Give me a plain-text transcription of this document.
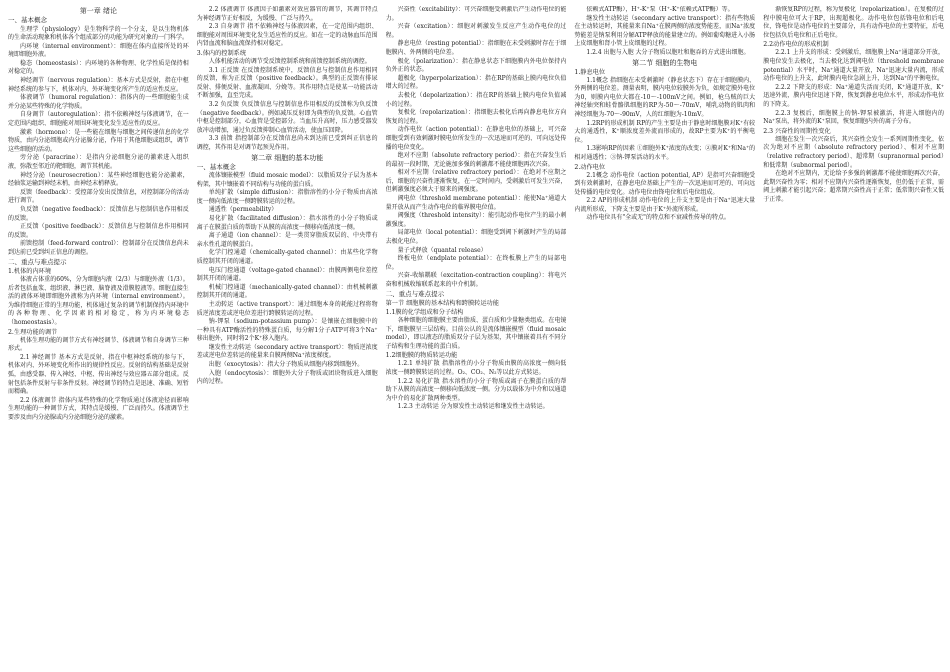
第一章 绪论
一、基本概念

生理学（physiology）是生物科学的一个分支，是以生物机体的生命活动现象和机体各个组成部分的功能为研究对象的一门科学。

内环境（internal environment）：细胞在体内直接所处的环境即细胞外液。

稳态（homeostasis）：内环境的各种物理、化学性质是保持相对稳定的。

神经调节（nervous regulation）：基本方式是反射，指在中枢神经系统的参与下，机体对内、外环境变化所产生的适应性反应。

体液调节（humoral regulation）：指体内的一些细胞能生成并分泌某些特殊的化学物质。

自身调节（autoregulation）：指不依赖神经与体液调节，在一定范围内组织、细胞能对周围环境变化发生适应性的反应。

激素（hormone）：是一些能在细胞与细胞之间传递信息的化学物质，由内分泌细胞或内分泌腺分泌，作用于其他细胞或组织，调节这些细胞的活动。

旁分泌（paracrine）：是指内分泌细胞分泌的激素进入组织液，弥散至邻近的靶细胞，调节其机能。

神经分泌（neurosecretion）：某些神经细胞也能分泌激素，经轴浆运输到神经末梢，由神经末梢释放。

反馈（feedback）：受控部分发出反馈信息，对控制部分的活动进行调节。

负反馈（negative feedback）：反馈信息与控制信息作用相反的反馈。

正反馈（positive feedback）：反馈信息与控制信息作用相同的反馈。

前馈控制（feed-forward control）：控制部分在反馈信息尚未到达前已受到纠正信息的调控。

二、重点与难点提示
1.机体的内环境

体液占体重的60%，分为细胞内液（2/3）与细胞外液（1/3）。后者包括血浆、组织液、淋巴液、脑脊液及滑膜腔液等。细胞直接生活的液体环境即细胞外液称为内环境（internal environment）。为维持细胞正常的生理功能，机体通过复杂的调节机制保持内环境中的各种物理、化学因素的相对稳定，称为内环境稳态（homeostasis）。

2.生理功能的调节

机体生理功能的调节方式有神经调节、体液调节和自身调节三种形式。

2.1 神经调节 基本方式是反射，指在中枢神经系统的参与下，机体对内、外环境变化所作出的规律性反应。反射的结构基础是反射弧，由感受器、传入神经、中枢、传出神经与效应器五部分组成。反射包括条件反射与非条件反射。神经调节的特点是迅速、准确、短暂而精确。

2.2 体液调节 指体内某些特殊的化学物质通过体液途径而影响生理功能的一种调节方式，其特点是缓慢、广泛而持久。体液调节主要涉及由内分泌腺或内分泌细胞分泌的激素。

2.2 体液调节 体液因子如激素对效应器官的调节，其调节特点为神经调节正好相反，为缓慢、广泛与持久。

2.3 自身调节 指不依赖神经与体液因素，在一定范围内组织、细胞能对周围环境变化发生适应性的反应。如在一定的动脉血压范围内肾血流和脑血流保持相对稳定。

3.体内的控制系统

人体机能活动的调节受反馈控制系统和前馈控制系统的调控。

3.1 正反馈 在反馈控制系统中，反馈信息与控制信息作用相同的反馈，称为正反馈（positive feedback）。典型的正反馈有排尿反射、排便反射、血液凝固、分娩等。其作用特点是使某一功能活动不断加强，直至完成。

3.2 负反馈 负反馈信息与控制信息作用相反的反馈称为负反馈（negative feedback）。例如减压反射即为典型的负反馈。心血管中枢是控制部分，心血管是受控部分。当血压升高时，压力感受器发放冲动增加，通过负反馈抑制心血管活动，使血压回降。

3.3 前馈 指控制部分在反馈信息尚未到达前已受到纠正信息的调控，其作用是对调节起预见作用。

第二章 细胞的基本功能
一、基本概念

流体镶嵌模型（fluid mosaic model）：以脂质双分子层为基本构架，其中镶嵌着不同结构与功能的蛋白质。

单纯扩散（simple diffusion）：指脂溶性的小分子物质由高浓度一侧向低浓度一侧跨膜转运的过程。

通透性（permeability）

易化扩散（facilitated diffusion）：指水溶性的小分子物质或离子在膜蛋白质的帮助下从膜的高浓度一侧移向低浓度一侧。

离子通道（ion channel）：是一类贯穿脂质双层的、中央带有亲水性孔道的膜蛋白。

化学门控通道（chemically-gated channel）：由某些化学物质控制其开闭的通道。

电压门控通道（voltage-gated channel）：由膜两侧电位差控制其开闭的通道。

机械门控通道（mechanically-gated channel）：由机械刺激控制其开闭的通道。

主动转运（active transport）：通过细胞本身的耗能过程将物质逆浓度差或逆电位差进行跨膜转运的过程。

钠-钾泵（sodium-potassium pump）：是镶嵌在细胞膜中的一种具有ATP酶活性的特殊蛋白质，每分解1分子ATP可将3个Na⁺移出胞外，同时将2个K⁺移入胞内。

继发性主动转运（secondary active transport）：物质逆浓度差或逆电位差转运的能量来自膜两侧Na⁺浓度梯度。

出胞（exocytosis）：指大分子物质从细胞内移到细胞外。

入胞（endocytosis）：细胞外大分子物质或团块物质进入细胞内的过程。

兴奋性（excitability）：可兴奋细胞受刺激后产生动作电位的能力。

兴奋（excitation）：细胞对刺激发生反应产生动作电位的过程。

静息电位（resting potential）：指细胞在未受刺激时存在于细胞膜内、外两侧的电位差。

极化（polarization）：指在静息状态下细胞膜内外电位保持内负外正的状态。

超极化（hyperpolarization）：指在RP的基础上膜内电位负值增大的过程。

去极化（depolarization）：指在RP的基础上膜内电位负值减小的过程。

复极化（repolarization）：指细胞去极化后再向静息电位方向恢复的过程。

动作电位（action potential）：在静息电位的基础上，可兴奋细胞受到有效刺激时膜电位所发生的一次迅速而可逆的、可向远处传播的电位变化。

绝对不应期（absolute refractory period）：指在兴奋发生后的最初一段时期，无论施加多强的刺激都不能使细胞再次兴奋。

相对不应期（relative refractory period）：在绝对不应期之后，细胞的兴奋性逐渐恢复，在一定时间内，受刺激后可发生兴奋，但刺激强度必须大于原来的阈强度。

阈电位（threshold membrane potential）：能使Na⁺通道大量开放从而产生动作电位的临界膜电位值。

阈强度（threshold intensity）：能引起动作电位产生的最小刺激强度。

局部电位（local potential）：细胞受到阈下刺激时产生的局部去极化电位。

量子式释放（quantal release）

终板电位（endplate potential）：在终板膜上产生的局部电位。

兴奋-收缩耦联（excitation-contraction coupling）：将电兴奋和机械收缩联系起来的中介机制。

二、重点与难点提示
第一节 细胞膜的基本结构和跨膜转运功能
1.1膜的化学组成和分子结构

各种细胞的细胞膜主要由脂质、蛋白质和少量糖类组成。在电镜下，细胞膜呈三层结构。目前公认的是流体镶嵌模型（fluid mosaic model），即以液态的脂质双分子层为基架，其中镶嵌着具有不同分子结构和生理功能的蛋白质。

1.2细胞膜的物质转运功能

1.2.1 单纯扩散 指脂溶性的小分子物质由膜的高浓度一侧向低浓度一侧跨膜转运的过程。O₂、CO₂、N₂等以此方式转运。

1.2.2 易化扩散 指水溶性的小分子物质或离子在膜蛋白质的帮助下从膜的高浓度一侧移向低浓度一侧。分为以载体为中介和以通道为中介的易化扩散两种类型。

1.2.3 主动转运 分为原发性主动转运和继发性主动转运。

依赖式ATP酶），H⁺-K⁺泵（H⁺-K⁺依赖式ATP酶）等。

继发性主动转运（secondary active transport）：指有些物质在主动转运时，其能量来自Na⁺在膜两侧的浓度势能差，而Na⁺浓度势能差是钠泵利用分解ATP释放的能量建立的。例如葡萄糖进入小肠上皮细胞和肾小管上皮细胞的过程。

1.2.4 出胞与入胞 大分子物质以胞吐和胞吞的方式进出细胞。

第二节 细胞的生物电
1.静息电位

1.1概念 指细胞在未受刺激时（静息状态下）存在于细胞膜内、外两侧的电位差。测量表明，膜内电位较膜外为负，如规定膜外电位为0，则膜内电位大都在-10～-100mV之间。例如，枪乌贼的巨大神经轴突和蛙骨骼肌细胞的RP为-50～-70mV，哺乳动物的肌肉和神经细胞为-70～-90mV，人的红细胞为-10mV。

1.2RP的形成机制 RP的产生主要是由于静息时细胞膜对K⁺有较大的通透性，K⁺顺浓度差外流而形成的，故RP主要为K⁺的平衡电位。

1.3影响RP的因素 ①细胞外K⁺浓度的改变；②膜对K⁺和Na⁺的相对通透性；③钠-钾泵活动的水平。

2.动作电位

2.1概念 动作电位（action potential, AP）是指可兴奋细胞受到有效刺激时，在静息电位基础上产生的一次迅速而可逆的、可向远处传播的电位变化。动作电位由锋电位和后电位组成。

2.2 AP的形成机制 动作电位的上升支主要是由于Na⁺迅速大量内流所形成，下降支主要是由于K⁺外流所形成。

动作电位具有"全或无"的特点和不衰减性传导的特点。

渐恢复RP的过程，称为复极化（repolarization）。在复极的过程中膜电位可大于RP，出现超极化。动作电位包括锋电位和后电位，锋电位是动作电位的主要部分，具有动作电位的主要特征，后电位包括负后电位和正后电位。

2.2动作电位的形成机制

2.2.1 上升支的形成：受刺激后，细胞膜上Na⁺通道部分开放，膜电位发生去极化，当去极化达到阈电位（threshold membrane potential）水平时，Na⁺通道大量开放，Na⁺迅速大量内流，形成动作电位的上升支，此时膜内电位急剧上升，达到Na⁺的平衡电位。

2.2.2 下降支的形成：Na⁺通道失活而关闭，K⁺通道开放，K⁺迅速外流，膜内电位迅速下降，恢复到静息电位水平，形成动作电位的下降支。

2.2.3 复极后，细胞膜上的钠-钾泵被激活，将进入细胞内的Na⁺泵出，将外流的K⁺泵回，恢复细胞内外的离子分布。

2.3 兴奋性的周期性变化

细胞在发生一次兴奋后，其兴奋性会发生一系列周期性变化，依次为绝对不应期（absolute refractory period）、相对不应期（relative refractory period）、超常期（supranormal period）和低常期（subnormal period）。

在绝对不应期内，无论给予多强的刺激都不能使细胞再次兴奋，此期兴奋性为零；相对不应期内兴奋性逐渐恢复，但仍低于正常，需阈上刺激才能引起兴奋；超常期兴奋性高于正常；低常期兴奋性又低于正常。
